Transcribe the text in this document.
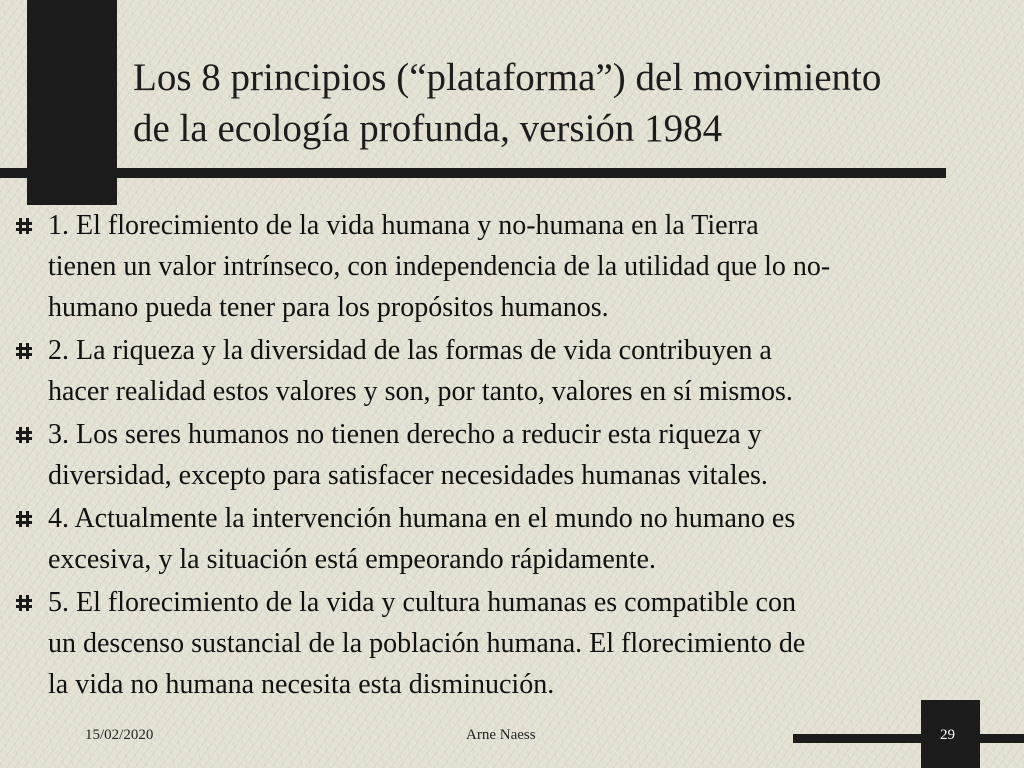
Los 8 principios (“plataforma”) del movimiento
de la ecología profunda, versión 1984
1. El florecimiento de la vida humana y no-humana en la Tierra
tienen un valor intrínseco, con independencia de la utilidad que lo no-
humano pueda tener para los propósitos humanos.
2. La riqueza y la diversidad de las formas de vida contribuyen a
hacer realidad estos valores y son, por tanto, valores en sí mismos.
3. Los seres humanos no tienen derecho a reducir esta riqueza y
diversidad, excepto para satisfacer necesidades humanas vitales.
4. Actualmente la intervención humana en el mundo no humano es
excesiva, y la situación está empeorando rápidamente.
5. El florecimiento de la vida y cultura humanas es compatible con
un descenso sustancial de la población humana. El florecimiento de
la vida no humana necesita esta disminución.
15/02/2020	Arne Naess	29
